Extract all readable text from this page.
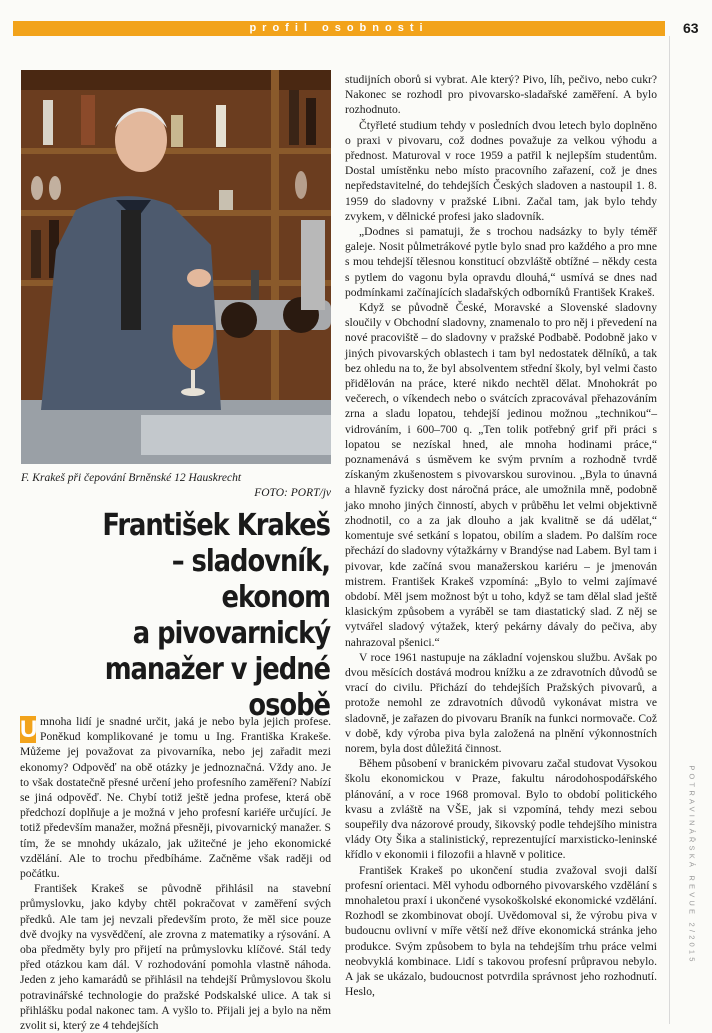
profil osobnosti	63
F. Krakeš při čepování Brněnské 12 Hauskrecht
FOTO: PORT/jv
František Krakeš
– sladovník, ekonom
a pivovarnický
manažer v jedné
osobě

U mnoha lidí je snadné určit, jaká je nebo byla jejich profese. Poněkud komplikované je tomu u Ing. Františka Krakeše. Můžeme jej považovat za pivovarníka, nebo jej zařadit mezi ekonomy? Odpověď na obě otázky je jednoznačná. Vždy ano. Je to však dostatečně přesné určení jeho profesního zaměření? Nabízí se jiná odpověď. Ne. Chybí totiž ještě jedna profese, která obě předchozí doplňuje a je možná v jeho profesní kariéře určující. Je totiž především manažer, možná přesněji, pivovarnický manažer. S tím, že se mnohdy ukázalo, jak užitečné je jeho ekonomické vzdělání. Ale to trochu předbíháme. Začněme však raději od počátku.

František Krakeš se původně přihlásil na stavební průmyslovku, jako kdyby chtěl pokračovat v zaměření svých předků. Ale tam jej nevzali především proto, že měl sice pouze dvě dvojky na vysvědčení, ale zrovna z matematiky a rýsování. A oba předměty byly pro přijetí na průmyslovku klíčové. Stál tedy před otázkou kam dál. V rozhodování pomohla vlastně náhoda. Jeden z jeho kamarádů se přihlásil na tehdejší Průmyslovou školu potravinářské technologie do pražské Podskalské ulice. A tak si přihlášku podal nakonec tam. A vyšlo to. Přijali jej a bylo na něm zvolit si, který ze 4 tehdejších

studijních oborů si vybrat. Ale který? Pivo, líh, pečivo, nebo cukr? Nakonec se rozhodl pro pivovarsko-sladařské zaměření. A bylo rozhodnuto.

Čtyřleté studium tehdy v posledních dvou letech bylo doplněno o praxi v pivovaru, což dodnes považuje za velkou výhodu a přednost. Maturoval v roce 1959 a patřil k nejlepším studentům. Dostal umístěnku nebo místo pracovního zařazení, což je dnes nepředstavitelné, do tehdejších Českých sladoven a nastoupil 1. 8. 1959 do sladovny v pražské Libni. Začal tam, jak bylo tehdy zvykem, v dělnické profesi jako sladovník.

„Dodnes si pamatuji, že s trochou nadsázky to byly téměř galeje. Nosit půlmetrákové pytle bylo snad pro každého a pro mne s mou tehdejší tělesnou konstitucí obzvláště obtížné – někdy cesta s pytlem do vagonu byla opravdu dlouhá,“ usmívá se dnes nad podmínkami začínajících sladařských odborníků František Krakeš.

Když se původně České, Moravské a Slovenské sladovny sloučily v Obchodní sladovny, znamenalo to pro něj i převedení na nové pracoviště – do sladovny v pražské Podbabě. Podobně jako v jiných pivovarských oblastech i tam byl nedostatek dělníků, a tak bez ohledu na to, že byl absolventem střední školy, byl velmi často přidělován na práce, které nikdo nechtěl dělat. Mnohokrát po večerech, o víkendech nebo o svátcích zpracovával přehazováním zrna a sladu lopatou, tehdejší jedinou možnou „technikou“– vidrováním, i 600–700 q. „Ten tolik potřebný grif při práci s lopatou se nezískal hned, ale mnoha hodinami práce,“ poznamenává s úsměvem ke svým prvním a rozhodně tvrdě získaným zkušenostem s pivovarskou surovinou. „Byla to únavná a hlavně fyzicky dost náročná práce, ale umožnila mně, podobně jako mnoho jiných činností, abych v průběhu let velmi objektivně zhodnotil, co a za jak dlouho a jak kvalitně se dá udělat,“ komentuje své setkání s lopatou, obilím a sladem. Po dalším roce přechází do sladovny výtažkárny v Brandýse nad Labem. Byl tam i pivovar, kde začíná svou manažerskou kariéru – je jmenován mistrem. František Krakeš vzpomíná: „Bylo to velmi zajímavé období. Měl jsem možnost být u toho, když se tam dělal slad ještě klasickým způsobem a vyráběl se tam diastatický slad. Z něj se vytvářel sladový výtažek, který pekárny dávaly do pečiva, aby nahrazoval pšenici.“

V roce 1961 nastupuje na základní vojenskou službu. Avšak po dvou měsících dostává modrou knížku a ze zdravotních důvodů se vrací do civilu. Přichází do tehdejších Pražských pivovarů, a protože nemohl ze zdravotních důvodů vykonávat mistra ve sladovně, je zařazen do pivovaru Braník na funkci normovače. Což v době, kdy výroba piva byla založená na plnění výkonnostních norem, byla dost důležitá činnost.

Během působení v branickém pivovaru začal studovat Vysokou školu ekonomickou v Praze, fakultu národohospodářského plánování, a v roce 1968 promoval. Bylo to období politického kvasu a zvláště na VŠE, jak si vzpomíná, tehdy mezi sebou soupeřily dva názorové proudy, šikovský podle tehdejšího ministra vlády Oty Šika a stalinistický, reprezentující marxisticko-leninské křídlo v ekonomii i filozofii a hlavně v politice.

František Krakeš po ukončení studia zvažoval svoji další profesní orientaci. Měl vyhodu odborného pivovarského vzdělání s mnohaletou praxí i ukončené vysokoškolské ekonomické vzdělání. Rozhodl se zkombinovat obojí. Uvědomoval si, že výrobu piva v budoucnu ovlivní v míře větší než dříve ekonomická stránka jeho produkce. Svým způsobem to byla na tehdejším trhu práce velmi neobvyklá kombinace. Lidí s takovou profesní průpravou nebylo. A jak se ukázalo, budoucnost potvrdila správnost jeho rozhodnutí. Heslo,

POTRAVINÁŘSKÁ REVUE 2/2015
